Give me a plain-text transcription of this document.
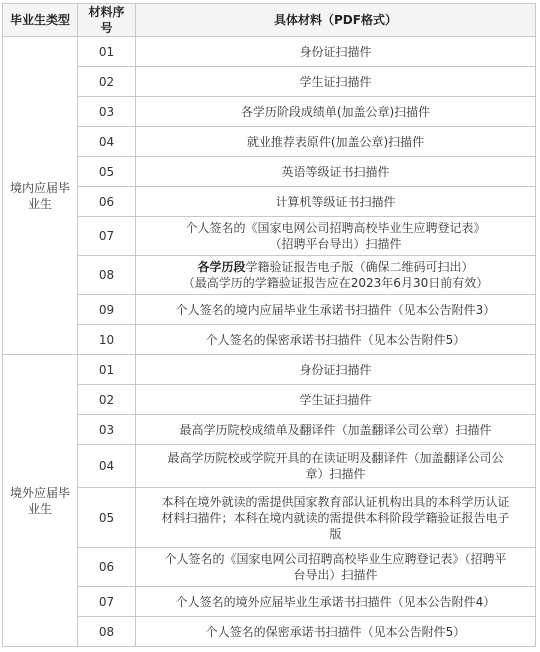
毕业生类型	材料序号	具体材料（PDF格式）
境内应届毕业生	01	身份证扫描件

	02	学生证扫描件

	03	各学历阶段成绩单(加盖公章)扫描件

	04	就业推荐表原件(加盖公章)扫描件

	05	英语等级证书扫描件

	06	计算机等级证书扫描件

	07	个人签名的《国家电网公司招聘高校毕业生应聘登记表》
（招聘平台导出）扫描件

	08	各学历段学籍验证报告电子版（确保二维码可扫出）
（最高学历的学籍验证报告应在2023年6月30日前有效）

	09	个人签名的境内应届毕业生承诺书扫描件（见本公告附件3）

	10	个人签名的保密承诺书扫描件（见本公告附件5）

境外应届毕业生	01	身份证扫描件

	02	学生证扫描件

	03	最高学历院校成绩单及翻译件（加盖翻译公司公章）扫描件

	04	最高学历院校或学院开具的在读证明及翻译件（加盖翻译公司公
章）扫描件

	05	本科在境外就读的需提供国家教育部认证机构出具的本科学历认证
材料扫描件；本科在境内就读的需提供本科阶段学籍验证报告电子
版

	06	个人签名的《国家电网公司招聘高校毕业生应聘登记表》（招聘平
台导出）扫描件

	07	个人签名的境外应届毕业生承诺书扫描件（见本公告附件4）

	08	个人签名的保密承诺书扫描件（见本公告附件5）
